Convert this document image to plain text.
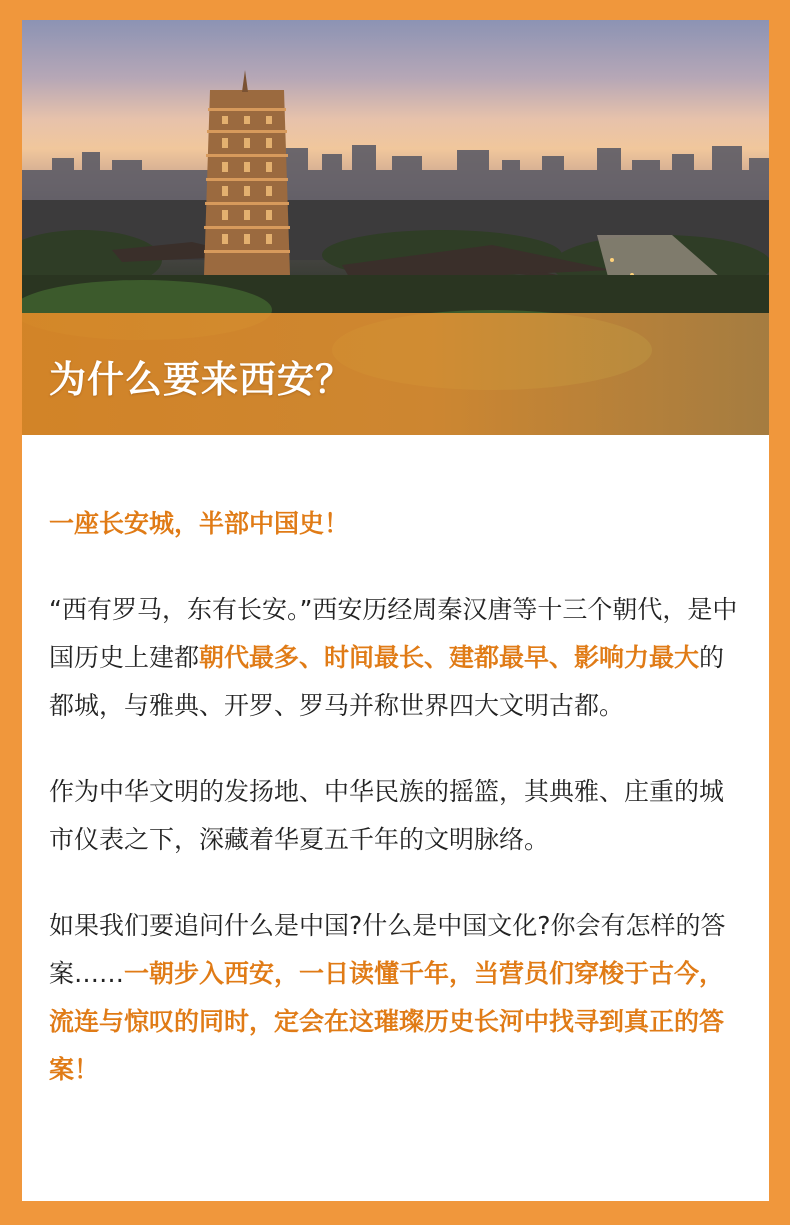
为什么要来西安？

一座长安城，半部中国史！

“西有罗马，东有长安。”西安历经周秦汉唐等十三个朝代，是中国历史上建都朝代最多、时间最长、建都最早、影响力最大的都城，与雅典、开罗、罗马并称世界四大文明古都。

作为中华文明的发扬地、中华民族的摇篮，其典雅、庄重的城市仪表之下，深藏着华夏五千年的文明脉络。

如果我们要追问什么是中国?什么是中国文化?你会有怎样的答案……一朝步入西安，一日读懂千年，当营员们穿梭于古今，流连与惊叹的同时，定会在这璀璨历史长河中找寻到真正的答案！
